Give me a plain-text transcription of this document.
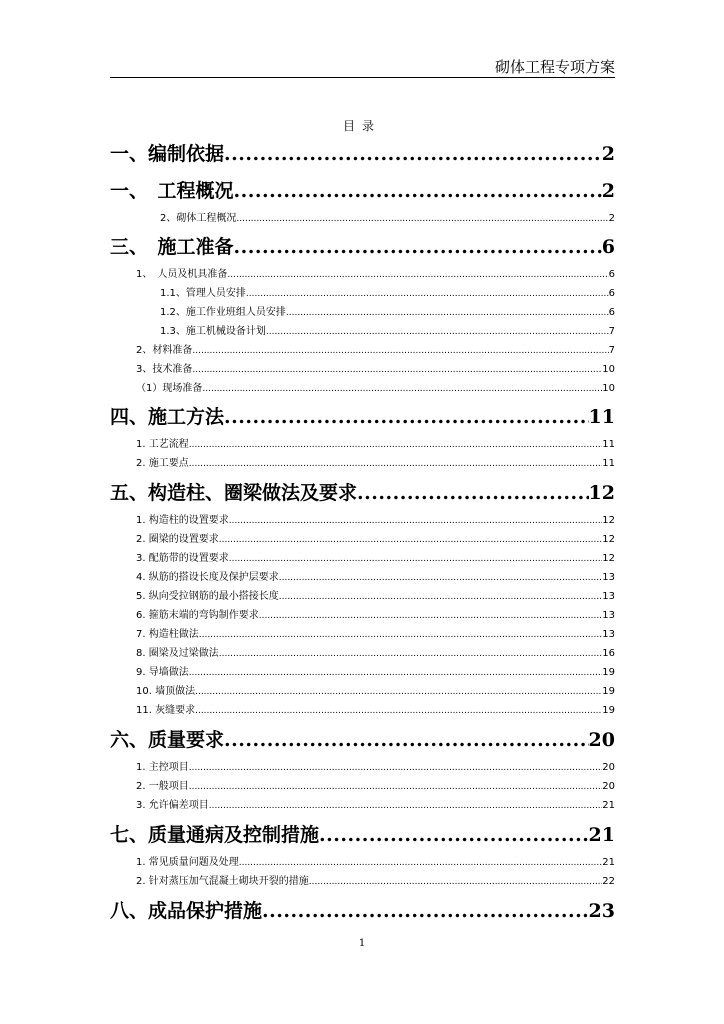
砌体工程专项方案
目录
一、编制依据 .....	2
一、　工程概况 .....	2
2、砌体工程概况 .....	2
三、　施工准备 .....	6
1、　人员及机具准备 .....	6
1.1、管理人员安排 .....	6
1.2、施工作业班组人员安排 .....	6
1.3、施工机械设备计划 .....	7
2、材料准备 .....	7
3、技术准备 .....	10
（1）现场准备 .....	10
四、施工方法 .....	11
1. 工艺流程 .....	11
2. 施工要点 .....	11
五、构造柱、圈梁做法及要求 .....	12
1. 构造柱的设置要求 .....	12
2. 圈梁的设置要求 .....	12
3. 配筋带的设置要求 .....	12
4. 纵筋的搭设长度及保护层要求 .....	13
5. 纵向受拉钢筋的最小搭接长度 .....	13
6. 箍筋末端的弯钩制作要求 .....	13
7. 构造柱做法 .....	13
8. 圈梁及过梁做法 .....	16
9. 导墙做法 .....	19
10. 墙顶做法 .....	19
11. 灰缝要求 .....	19
六、质量要求 .....	20
1. 主控项目 .....	20
2. 一般项目 .....	20
3. 允许偏差项目 .....	21
七、质量通病及控制措施 .....	21
1. 常见质量问题及处理 .....	21
2. 针对蒸压加气混凝土砌块开裂的措施 .....	22
八、成品保护措施 .....	23
1
